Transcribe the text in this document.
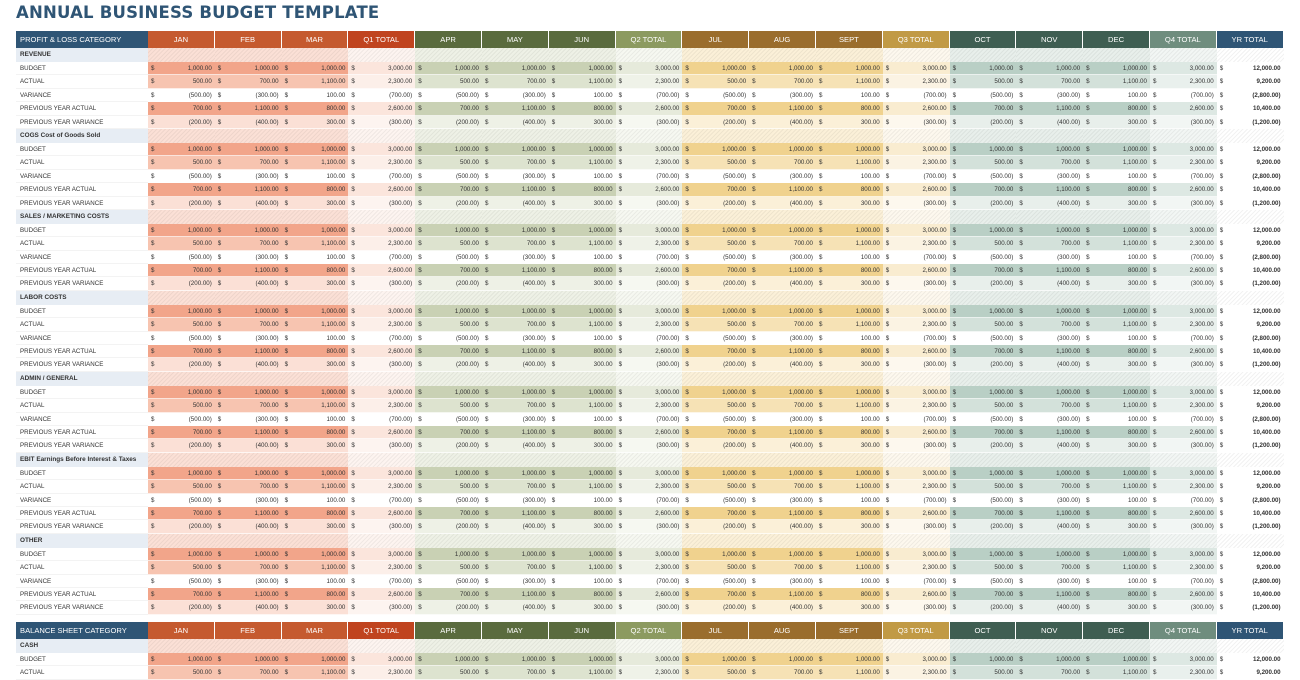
ANNUAL BUSINESS BUDGET TEMPLATE
PROFIT & LOSS CATEGORY	JAN	FEB	MAR	Q1 TOTAL	APR	MAY	JUN	Q2 TOTAL	JUL	AUG	SEPT	Q3 TOTAL	OCT	NOV	DEC	Q4 TOTAL	YR TOTAL
REVENUE
BUDGET	$	1,000.00 $	1,000.00 $	1,000.00 $	3,000.00 $	1,000.00 $	1,000.00 $	1,000.00 $	3,000.00 $	1,000.00 $	1,000.00 $	1,000.00 $	3,000.00 $	1,000.00 $	1,000.00 $	1,000.00 $	3,000.00 $	12,000.00
ACTUAL	$	500.00 $	700.00 $	1,100.00 $	2,300.00 $	500.00 $	700.00 $	1,100.00 $	2,300.00 $	500.00 $	700.00 $	1,100.00 $	2,300.00 $	500.00 $	700.00 $	1,100.00 $	2,300.00 $	9,200.00
VARIANCE	$	(500.00) $	(300.00) $	100.00 $	(700.00) $	(500.00) $	(300.00) $	100.00 $	(700.00) $	(500.00) $	(300.00) $	100.00 $	(700.00) $	(500.00) $	(300.00) $	100.00 $	(700.00) $	(2,800.00)
PREVIOUS YEAR ACTUAL	$	700.00 $	1,100.00 $	800.00 $	2,600.00 $	700.00 $	1,100.00 $	800.00 $	2,600.00 $	700.00 $	1,100.00 $	800.00 $	2,600.00 $	700.00 $	1,100.00 $	800.00 $	2,600.00 $	10,400.00
PREVIOUS YEAR VARIANCE	$	(200.00) $	(400.00) $	300.00 $	(300.00) $	(200.00) $	(400.00) $	300.00 $	(300.00) $	(200.00) $	(400.00) $	300.00 $	(300.00) $	(200.00) $	(400.00) $	300.00 $	(300.00) $	(1,200.00)
COGS Cost of Goods Sold
BUDGET	$	1,000.00 $	1,000.00 $	1,000.00 $	3,000.00 $	1,000.00 $	1,000.00 $	1,000.00 $	3,000.00 $	1,000.00 $	1,000.00 $	1,000.00 $	3,000.00 $	1,000.00 $	1,000.00 $	1,000.00 $	3,000.00 $	12,000.00
ACTUAL	$	500.00 $	700.00 $	1,100.00 $	2,300.00 $	500.00 $	700.00 $	1,100.00 $	2,300.00 $	500.00 $	700.00 $	1,100.00 $	2,300.00 $	500.00 $	700.00 $	1,100.00 $	2,300.00 $	9,200.00
VARIANCE	$	(500.00) $	(300.00) $	100.00 $	(700.00) $	(500.00) $	(300.00) $	100.00 $	(700.00) $	(500.00) $	(300.00) $	100.00 $	(700.00) $	(500.00) $	(300.00) $	100.00 $	(700.00) $	(2,800.00)
PREVIOUS YEAR ACTUAL	$	700.00 $	1,100.00 $	800.00 $	2,600.00 $	700.00 $	1,100.00 $	800.00 $	2,600.00 $	700.00 $	1,100.00 $	800.00 $	2,600.00 $	700.00 $	1,100.00 $	800.00 $	2,600.00 $	10,400.00
PREVIOUS YEAR VARIANCE	$	(200.00) $	(400.00) $	300.00 $	(300.00) $	(200.00) $	(400.00) $	300.00 $	(300.00) $	(200.00) $	(400.00) $	300.00 $	(300.00) $	(200.00) $	(400.00) $	300.00 $	(300.00) $	(1,200.00)
SALES / MARKETING COSTS
BUDGET	$	1,000.00 $	1,000.00 $	1,000.00 $	3,000.00 $	1,000.00 $	1,000.00 $	1,000.00 $	3,000.00 $	1,000.00 $	1,000.00 $	1,000.00 $	3,000.00 $	1,000.00 $	1,000.00 $	1,000.00 $	3,000.00 $	12,000.00
ACTUAL	$	500.00 $	700.00 $	1,100.00 $	2,300.00 $	500.00 $	700.00 $	1,100.00 $	2,300.00 $	500.00 $	700.00 $	1,100.00 $	2,300.00 $	500.00 $	700.00 $	1,100.00 $	2,300.00 $	9,200.00
VARIANCE	$	(500.00) $	(300.00) $	100.00 $	(700.00) $	(500.00) $	(300.00) $	100.00 $	(700.00) $	(500.00) $	(300.00) $	100.00 $	(700.00) $	(500.00) $	(300.00) $	100.00 $	(700.00) $	(2,800.00)
PREVIOUS YEAR ACTUAL	$	700.00 $	1,100.00 $	800.00 $	2,600.00 $	700.00 $	1,100.00 $	800.00 $	2,600.00 $	700.00 $	1,100.00 $	800.00 $	2,600.00 $	700.00 $	1,100.00 $	800.00 $	2,600.00 $	10,400.00
PREVIOUS YEAR VARIANCE	$	(200.00) $	(400.00) $	300.00 $	(300.00) $	(200.00) $	(400.00) $	300.00 $	(300.00) $	(200.00) $	(400.00) $	300.00 $	(300.00) $	(200.00) $	(400.00) $	300.00 $	(300.00) $	(1,200.00)
LABOR COSTS
BUDGET	$	1,000.00 $	1,000.00 $	1,000.00 $	3,000.00 $	1,000.00 $	1,000.00 $	1,000.00 $	3,000.00 $	1,000.00 $	1,000.00 $	1,000.00 $	3,000.00 $	1,000.00 $	1,000.00 $	1,000.00 $	3,000.00 $	12,000.00
ACTUAL	$	500.00 $	700.00 $	1,100.00 $	2,300.00 $	500.00 $	700.00 $	1,100.00 $	2,300.00 $	500.00 $	700.00 $	1,100.00 $	2,300.00 $	500.00 $	700.00 $	1,100.00 $	2,300.00 $	9,200.00
VARIANCE	$	(500.00) $	(300.00) $	100.00 $	(700.00) $	(500.00) $	(300.00) $	100.00 $	(700.00) $	(500.00) $	(300.00) $	100.00 $	(700.00) $	(500.00) $	(300.00) $	100.00 $	(700.00) $	(2,800.00)
PREVIOUS YEAR ACTUAL	$	700.00 $	1,100.00 $	800.00 $	2,600.00 $	700.00 $	1,100.00 $	800.00 $	2,600.00 $	700.00 $	1,100.00 $	800.00 $	2,600.00 $	700.00 $	1,100.00 $	800.00 $	2,600.00 $	10,400.00
PREVIOUS YEAR VARIANCE	$	(200.00) $	(400.00) $	300.00 $	(300.00) $	(200.00) $	(400.00) $	300.00 $	(300.00) $	(200.00) $	(400.00) $	300.00 $	(300.00) $	(200.00) $	(400.00) $	300.00 $	(300.00) $	(1,200.00)
ADMIN / GENERAL
BUDGET	$	1,000.00 $	1,000.00 $	1,000.00 $	3,000.00 $	1,000.00 $	1,000.00 $	1,000.00 $	3,000.00 $	1,000.00 $	1,000.00 $	1,000.00 $	3,000.00 $	1,000.00 $	1,000.00 $	1,000.00 $	3,000.00 $	12,000.00
ACTUAL	$	500.00 $	700.00 $	1,100.00 $	2,300.00 $	500.00 $	700.00 $	1,100.00 $	2,300.00 $	500.00 $	700.00 $	1,100.00 $	2,300.00 $	500.00 $	700.00 $	1,100.00 $	2,300.00 $	9,200.00
VARIANCE	$	(500.00) $	(300.00) $	100.00 $	(700.00) $	(500.00) $	(300.00) $	100.00 $	(700.00) $	(500.00) $	(300.00) $	100.00 $	(700.00) $	(500.00) $	(300.00) $	100.00 $	(700.00) $	(2,800.00)
PREVIOUS YEAR ACTUAL	$	700.00 $	1,100.00 $	800.00 $	2,600.00 $	700.00 $	1,100.00 $	800.00 $	2,600.00 $	700.00 $	1,100.00 $	800.00 $	2,600.00 $	700.00 $	1,100.00 $	800.00 $	2,600.00 $	10,400.00
PREVIOUS YEAR VARIANCE	$	(200.00) $	(400.00) $	300.00 $	(300.00) $	(200.00) $	(400.00) $	300.00 $	(300.00) $	(200.00) $	(400.00) $	300.00 $	(300.00) $	(200.00) $	(400.00) $	300.00 $	(300.00) $	(1,200.00)
EBIT Earnings Before Interest & Taxes
BUDGET	$	1,000.00 $	1,000.00 $	1,000.00 $	3,000.00 $	1,000.00 $	1,000.00 $	1,000.00 $	3,000.00 $	1,000.00 $	1,000.00 $	1,000.00 $	3,000.00 $	1,000.00 $	1,000.00 $	1,000.00 $	3,000.00 $	12,000.00
ACTUAL	$	500.00 $	700.00 $	1,100.00 $	2,300.00 $	500.00 $	700.00 $	1,100.00 $	2,300.00 $	500.00 $	700.00 $	1,100.00 $	2,300.00 $	500.00 $	700.00 $	1,100.00 $	2,300.00 $	9,200.00
VARIANCE	$	(500.00) $	(300.00) $	100.00 $	(700.00) $	(500.00) $	(300.00) $	100.00 $	(700.00) $	(500.00) $	(300.00) $	100.00 $	(700.00) $	(500.00) $	(300.00) $	100.00 $	(700.00) $	(2,800.00)
PREVIOUS YEAR ACTUAL	$	700.00 $	1,100.00 $	800.00 $	2,600.00 $	700.00 $	1,100.00 $	800.00 $	2,600.00 $	700.00 $	1,100.00 $	800.00 $	2,600.00 $	700.00 $	1,100.00 $	800.00 $	2,600.00 $	10,400.00
PREVIOUS YEAR VARIANCE	$	(200.00) $	(400.00) $	300.00 $	(300.00) $	(200.00) $	(400.00) $	300.00 $	(300.00) $	(200.00) $	(400.00) $	300.00 $	(300.00) $	(200.00) $	(400.00) $	300.00 $	(300.00) $	(1,200.00)
OTHER
BUDGET	$	1,000.00 $	1,000.00 $	1,000.00 $	3,000.00 $	1,000.00 $	1,000.00 $	1,000.00 $	3,000.00 $	1,000.00 $	1,000.00 $	1,000.00 $	3,000.00 $	1,000.00 $	1,000.00 $	1,000.00 $	3,000.00 $	12,000.00
ACTUAL	$	500.00 $	700.00 $	1,100.00 $	2,300.00 $	500.00 $	700.00 $	1,100.00 $	2,300.00 $	500.00 $	700.00 $	1,100.00 $	2,300.00 $	500.00 $	700.00 $	1,100.00 $	2,300.00 $	9,200.00
VARIANCE	$	(500.00) $	(300.00) $	100.00 $	(700.00) $	(500.00) $	(300.00) $	100.00 $	(700.00) $	(500.00) $	(300.00) $	100.00 $	(700.00) $	(500.00) $	(300.00) $	100.00 $	(700.00) $	(2,800.00)
PREVIOUS YEAR ACTUAL	$	700.00 $	1,100.00 $	800.00 $	2,600.00 $	700.00 $	1,100.00 $	800.00 $	2,600.00 $	700.00 $	1,100.00 $	800.00 $	2,600.00 $	700.00 $	1,100.00 $	800.00 $	2,600.00 $	10,400.00
PREVIOUS YEAR VARIANCE	$	(200.00) $	(400.00) $	300.00 $	(300.00) $	(200.00) $	(400.00) $	300.00 $	(300.00) $	(200.00) $	(400.00) $	300.00 $	(300.00) $	(200.00) $	(400.00) $	300.00 $	(300.00) $	(1,200.00)
BALANCE SHEET CATEGORY	JAN	FEB	MAR	Q1 TOTAL	APR	MAY	JUN	Q2 TOTAL	JUL	AUG	SEPT	Q3 TOTAL	OCT	NOV	DEC	Q4 TOTAL	YR TOTAL
CASH
BUDGET	$	1,000.00 $	1,000.00 $	1,000.00 $	3,000.00 $	1,000.00 $	1,000.00 $	1,000.00 $	3,000.00 $	1,000.00 $	1,000.00 $	1,000.00 $	3,000.00 $	1,000.00 $	1,000.00 $	1,000.00 $	3,000.00 $	12,000.00
ACTUAL	$	500.00 $	700.00 $	1,100.00 $	2,300.00 $	500.00 $	700.00 $	1,100.00 $	2,300.00 $	500.00 $	700.00 $	1,100.00 $	2,300.00 $	500.00 $	700.00 $	1,100.00 $	2,300.00 $	9,200.00
